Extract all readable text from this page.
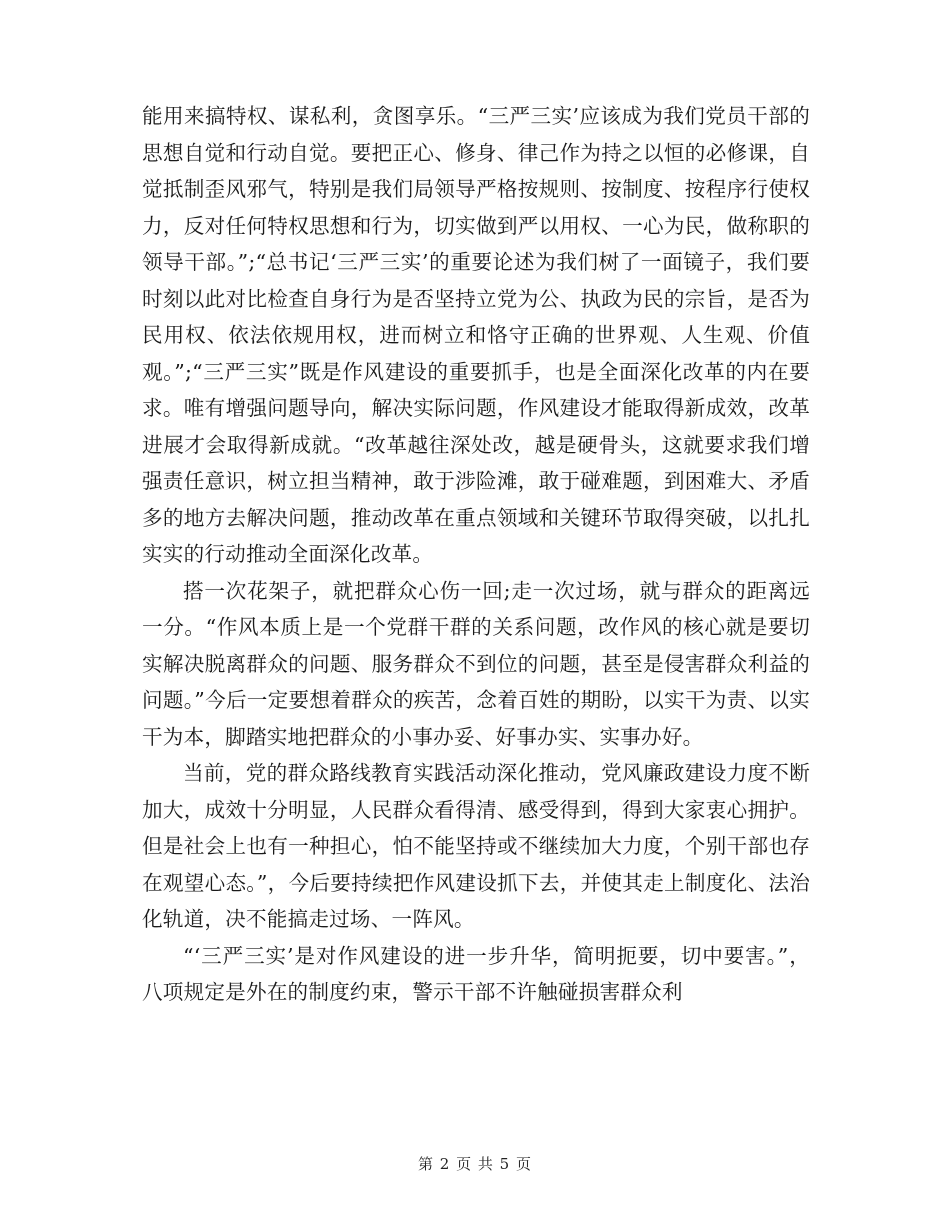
能用来搞特权、谋私利，贪图享乐。“三严三实’应该成为我们党员干部的思想自觉和行动自觉。要把正心、修身、律己作为持之以恒的必修课，自觉抵制歪风邪气，特别是我们局领导严格按规则、按制度、按程序行使权力，反对任何特权思想和行为，切实做到严以用权、一心为民，做称职的领导干部。”;“总书记‘三严三实’的重要论述为我们树了一面镜子，我们要时刻以此对比检查自身行为是否坚持立党为公、执政为民的宗旨，是否为民用权、依法依规用权，进而树立和恪守正确的世界观、人生观、价值观。”;“三严三实”既是作风建设的重要抓手，也是全面深化改革的内在要求。唯有增强问题导向，解决实际问题，作风建设才能取得新成效，改革进展才会取得新成就。“改革越往深处改，越是硬骨头，这就要求我们增强责任意识，树立担当精神，敢于涉险滩，敢于碰难题，到困难大、矛盾多的地方去解决问题，推动改革在重点领域和关键环节取得突破，以扎扎实实的行动推动全面深化改革。

搭一次花架子，就把群众心伤一回;走一次过场，就与群众的距离远一分。“作风本质上是一个党群干群的关系问题，改作风的核心就是要切实解决脱离群众的问题、服务群众不到位的问题，甚至是侵害群众利益的问题。”今后一定要想着群众的疾苦，念着百姓的期盼，以实干为责、以实干为本，脚踏实地把群众的小事办妥、好事办实、实事办好。

当前，党的群众路线教育实践活动深化推动，党风廉政建设力度不断加大，成效十分明显，人民群众看得清、感受得到，得到大家衷心拥护。但是社会上也有一种担心，怕不能坚持或不继续加大力度，个别干部也存在观望心态。”，今后要持续把作风建设抓下去，并使其走上制度化、法治化轨道，决不能搞走过场、一阵风。

“‘三严三实’是对作风建设的进一步升华，简明扼要，切中要害。”，八项规定是外在的制度约束，警示干部不许触碰损害群众利

第 2 页 共 5 页
